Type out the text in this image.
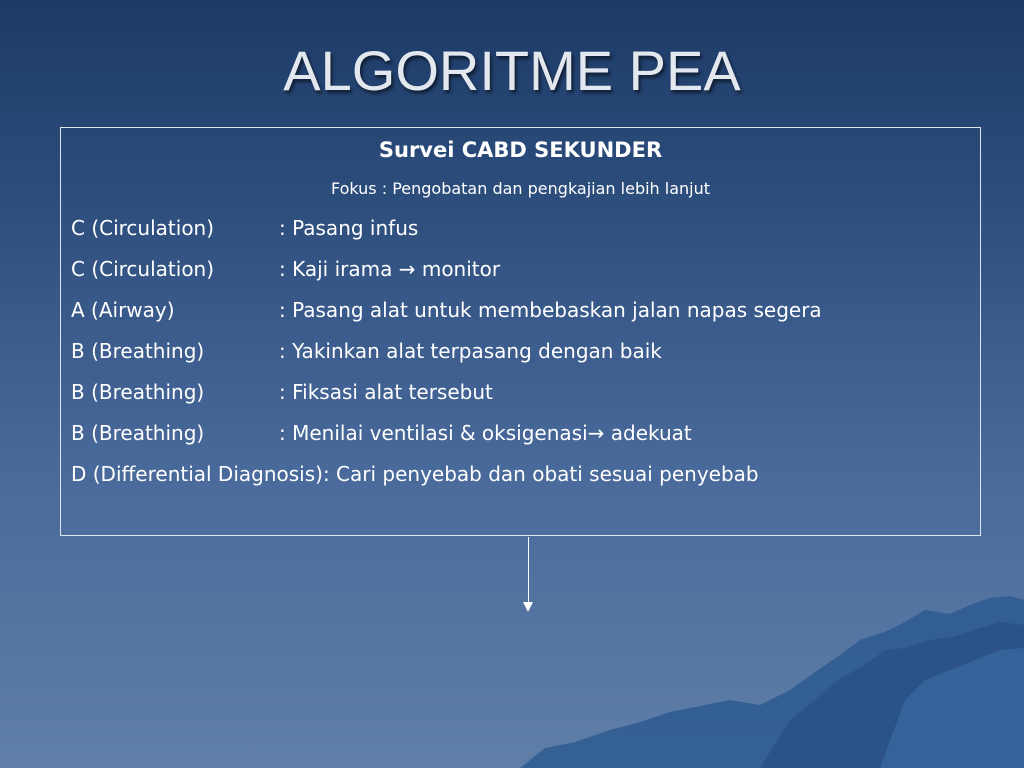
ALGORITME PEA
Survei CABD SEKUNDER
Fokus : Pengobatan dan pengkajian lebih lanjut
C (Circulation)	: Pasang infus
C (Circulation)	: Kaji irama → monitor
A (Airway)	: Pasang alat untuk membebaskan jalan napas segera
B (Breathing)	: Yakinkan alat terpasang dengan baik
B (Breathing)	: Fiksasi alat tersebut
B (Breathing)	: Menilai ventilasi & oksigenasi→ adekuat
D (Differential Diagnosis): Cari penyebab dan obati sesuai penyebab
